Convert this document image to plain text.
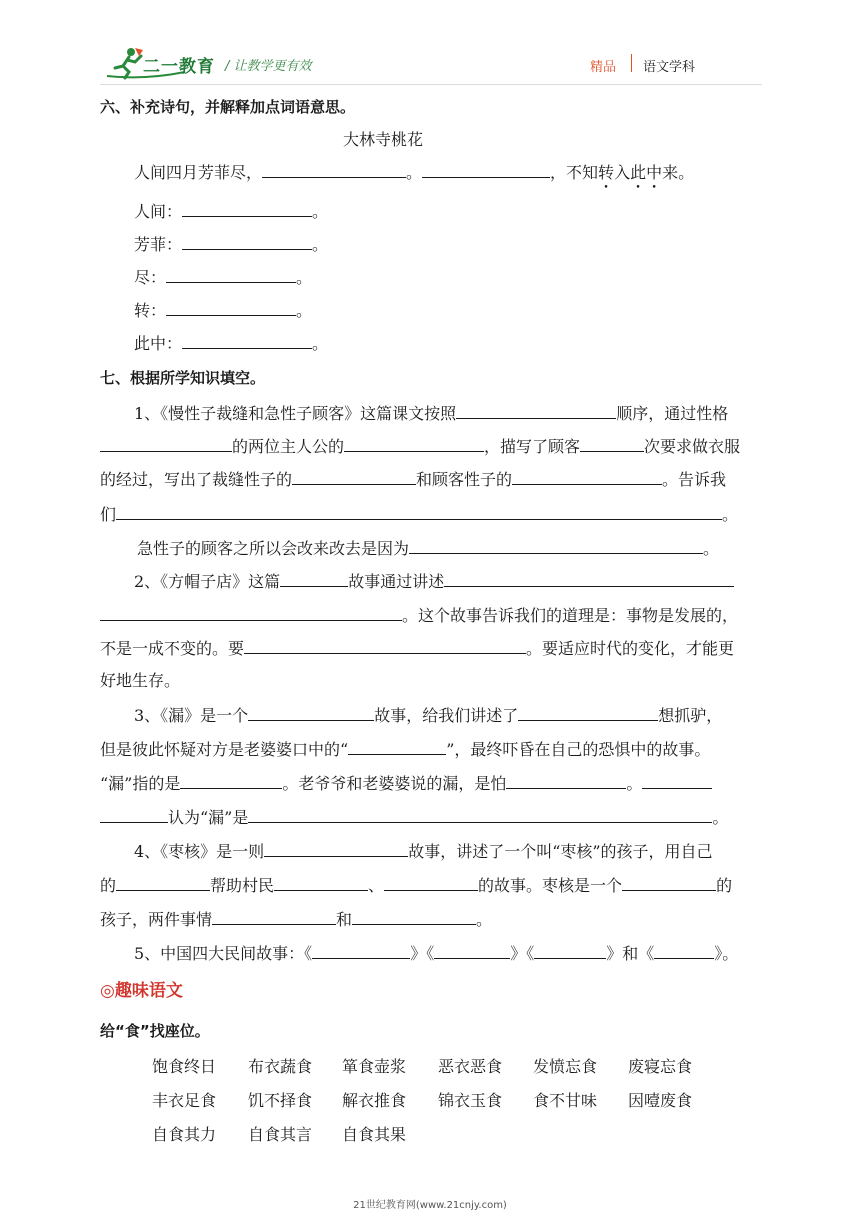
二一教育 / 让教学更有效	精品 语文学科
六、补充诗句，并解释加点词语意思。
大林寺桃花
人间四月芳菲尽，	。	，不知转入此中来。
人间：	。
芳菲：	。
尽：	。
转：	。
此中：	。
七、根据所学知识填空。
1、《慢性子裁缝和急性子顾客》这篇课文按照	顺序，通过性格
的两位主人公的	，描写了顾客	次要求做衣服
的经过，写出了裁缝性子的	和顾客性子的	。告诉我
们	。
急性子的顾客之所以会改来改去是因为	。
2、《方帽子店》这篇	故事通过讲述
。这个故事告诉我们的道理是：事物是发展的，
不是一成不变的。要	。要适应时代的变化，才能更
好地生存。
3、《漏》是一个	故事，给我们讲述了	想抓驴，
但是彼此怀疑对方是老婆婆口中的“	”，最终吓昏在自己的恐惧中的故事。
“漏”指的是	。老爷爷和老婆婆说的漏，是怕	。
认为“漏”是	。
4、《枣核》是一则	故事，讲述了一个叫“枣核”的孩子，用自己
的	帮助村民	、	的故事。枣核是一个	的
孩子，两件事情	和	。
5、中国四大民间故事：《	》《	》《	》和《	》。
◎趣味语文
给“食”找座位。
饱食终日 布衣蔬食 箪食壶浆 恶衣恶食 发愤忘食 废寝忘食
丰衣足食 饥不择食 解衣推食 锦衣玉食 食不甘味 因噎废食
自食其力 自食其言 自食其果
21世纪教育网(www.21cnjy.com)
